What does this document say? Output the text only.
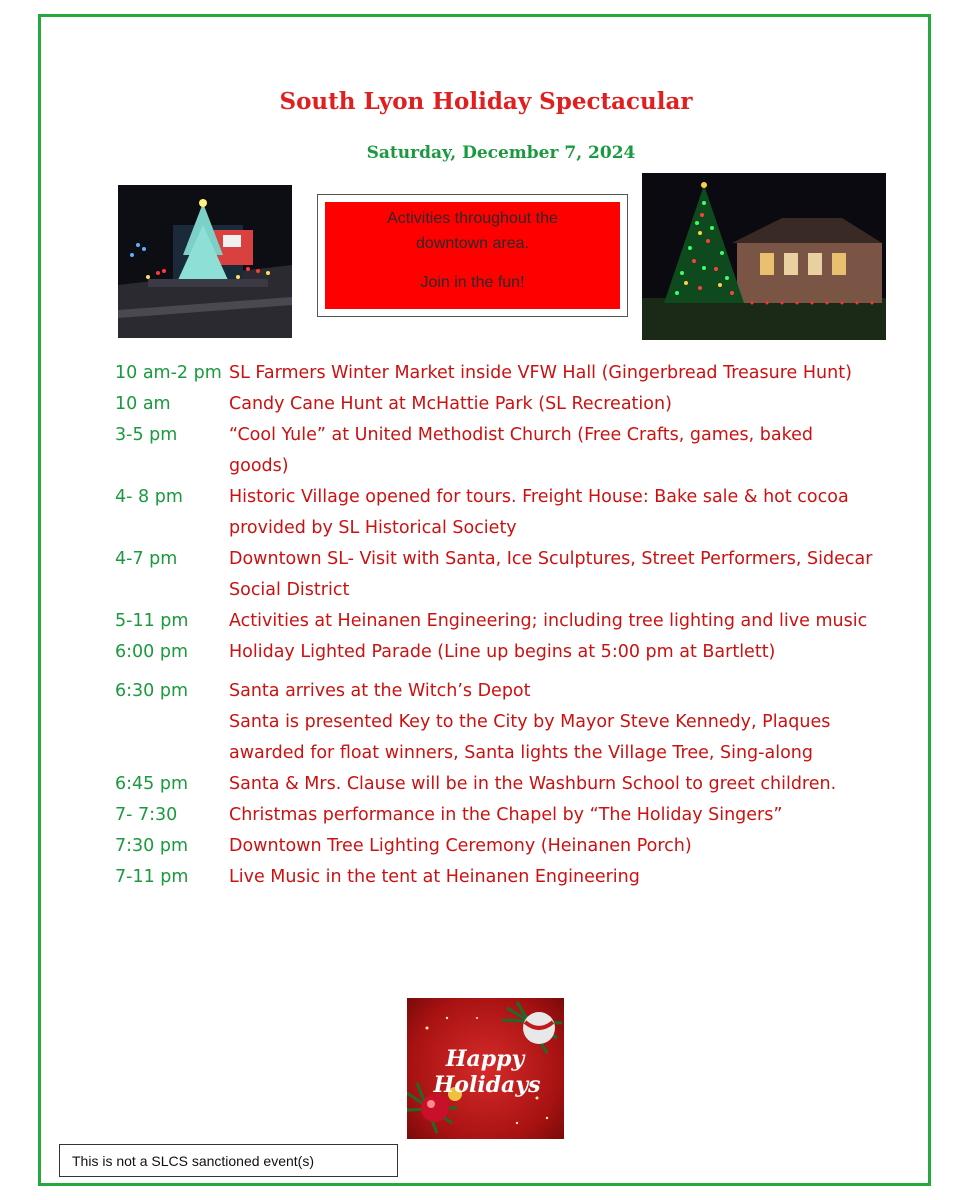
South Lyon Holiday Spectacular
Saturday, December 7, 2024

Activities throughout the

downtown area.

Join in the fun!

10 am-2 pm SL Farmers Winter Market inside VFW Hall (Gingerbread Treasure Hunt)
10 am	Candy Cane Hunt at McHattie Park (SL Recreation)
3-5 pm	“Cool Yule” at United Methodist Church (Free Crafts, games, baked goods)
4- 8 pm	Historic Village opened for tours. Freight House: Bake sale & hot cocoa provided by SL Historical Society
4-7 pm	Downtown SL- Visit with Santa, Ice Sculptures, Street Performers, Sidecar Social District
5-11 pm	Activities at Heinanen Engineering; including tree lighting and live music
6:00 pm	Holiday Lighted Parade (Line up begins at 5:00 pm at Bartlett)
6:30 pm	Santa arrives at the Witch’s Depot
Santa is presented Key to the City by Mayor Steve Kennedy, Plaques awarded for float winners, Santa lights the Village Tree, Sing-along
6:45 pm	Santa & Mrs. Clause will be in the Washburn School to greet children.
7- 7:30	Christmas performance in the Chapel by “The Holiday Singers”
7:30 pm	Downtown Tree Lighting Ceremony (Heinanen Porch)
7-11 pm	Live Music in the tent at Heinanen Engineering
Happy
Holidays
This is not a SLCS sanctioned event(s)
